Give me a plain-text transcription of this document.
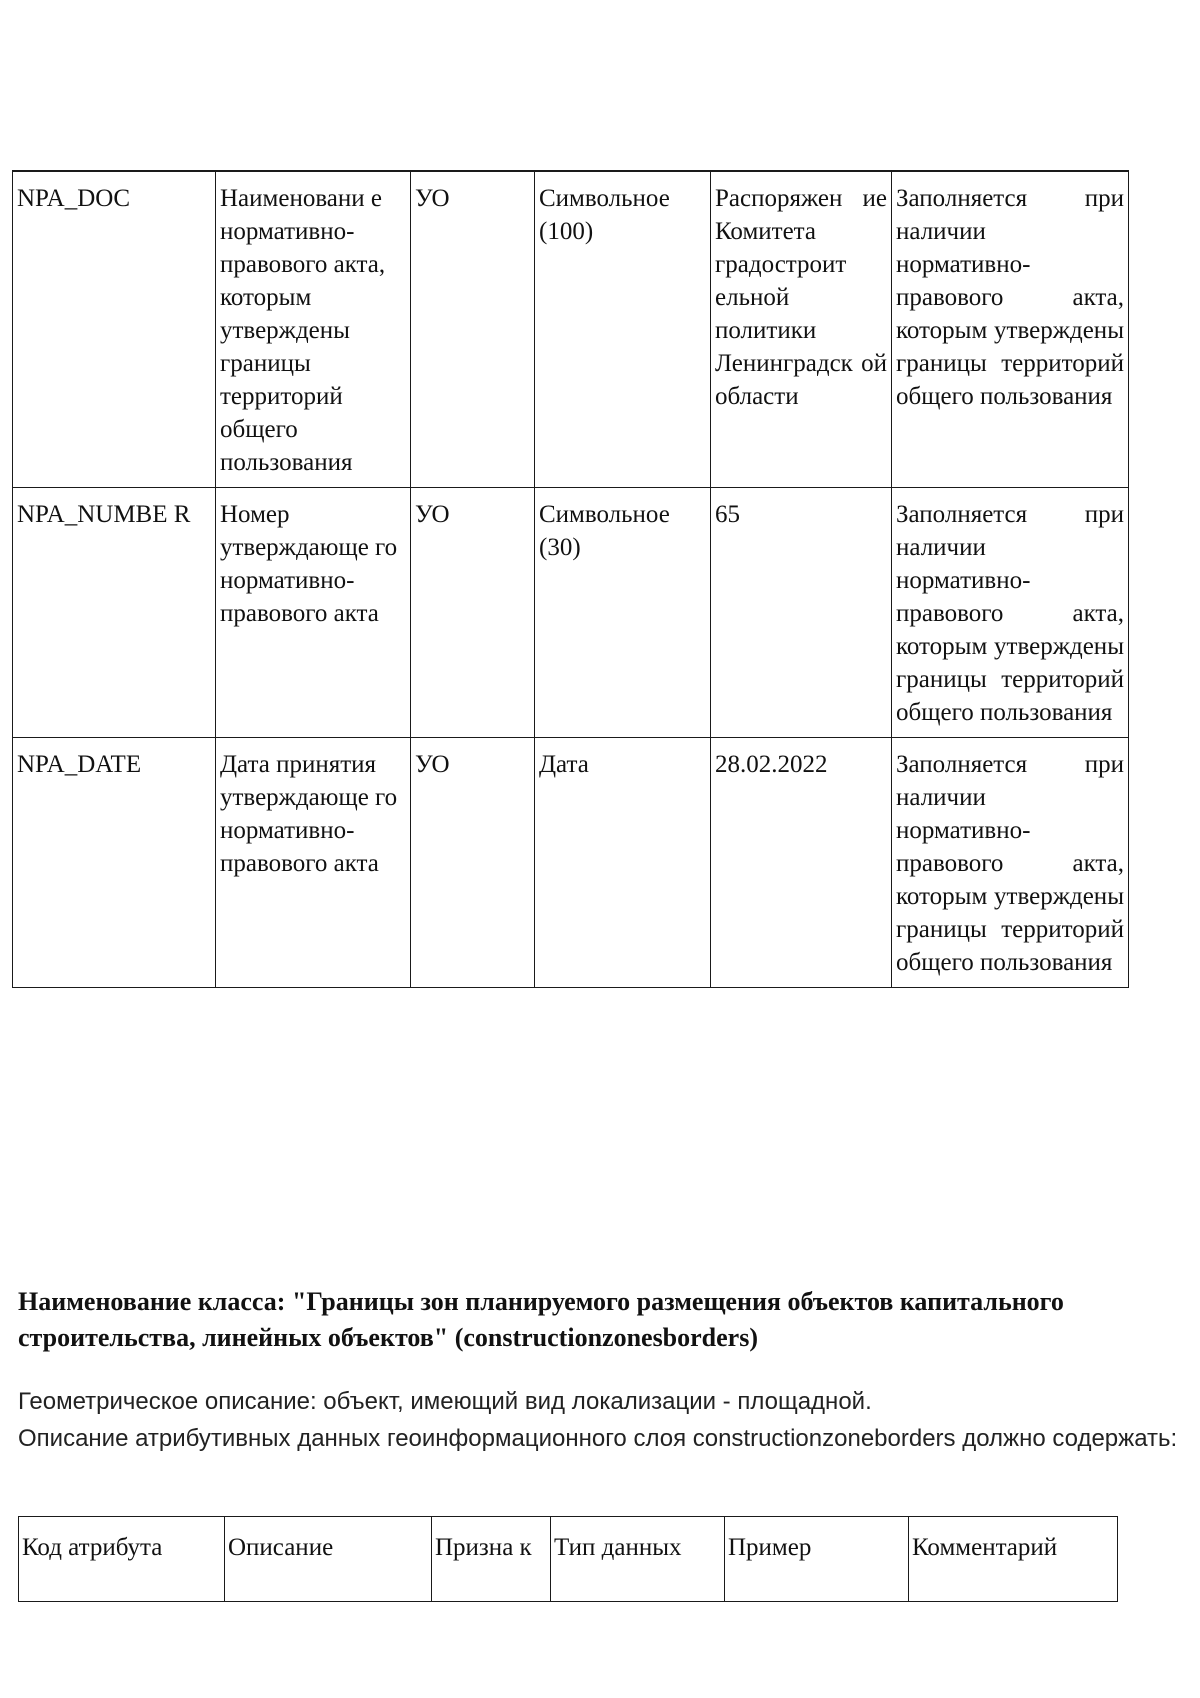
NPA_DOC	Наименовани е нормативно-правового акта, которым утверждены границы территорий общего пользования	УО	Символьное (100)	Распоряжен ие Комитета градостроит ельной политики Ленинградск ой области	Заполняется при наличии нормативно-правового акта, которым утверждены границы территорий общего пользования
NPA_NUMBE R	Номер утверждающе го нормативно-правового акта	УО	Символьное (30)	65	Заполняется при наличии нормативно-правового акта, которым утверждены границы территорий общего пользования
NPA_DATE	Дата принятия утверждающе го нормативно-правового акта	УО	Дата	28.02.2022	Заполняется при наличии нормативно-правового акта, которым утверждены границы территорий общего пользования
Наименование класса: "Границы зон планируемого размещения объектов капитального строительства, линейных объектов" (constructionzonesborders)
Геометрическое описание: объект, имеющий вид локализации - площадной.
Описание атрибутивных данных геоинформационного слоя constructionzoneborders должно содержать:
Код атрибута	Описание	Призна к	Тип данных	Пример	Комментарий
